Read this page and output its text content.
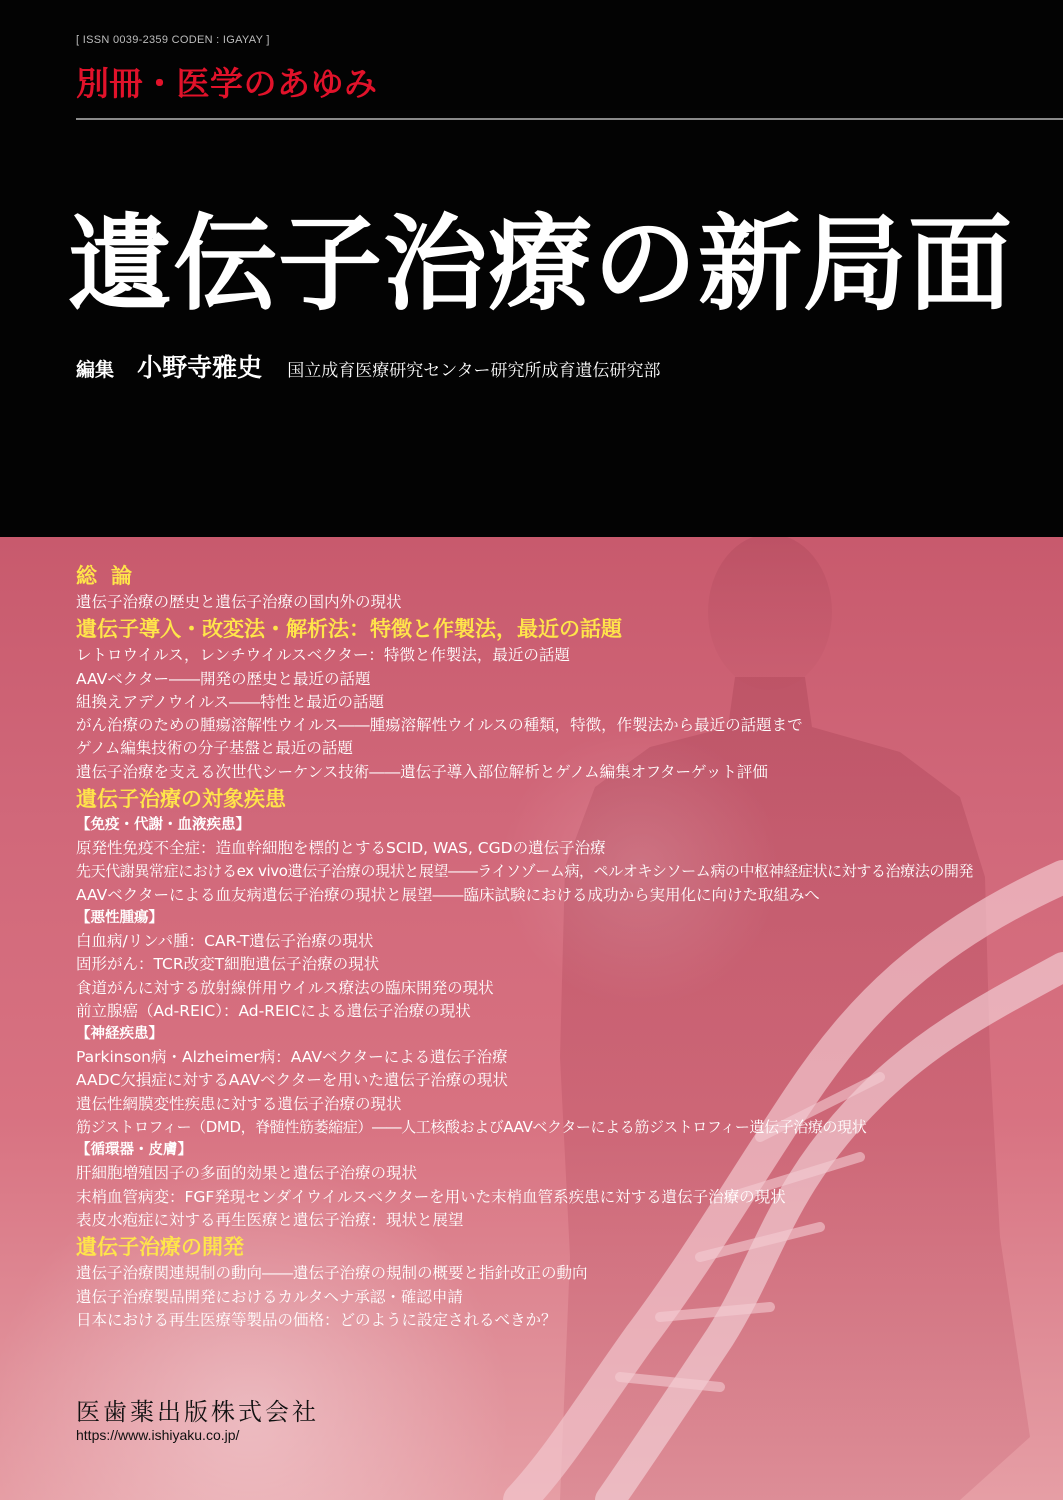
[ ISSN 0039-2359 CODEN : IGAYAY ]
別冊・医学のあゆみ
遺伝子治療の新局面
編集 小野寺雅史 国立成育医療研究センター研究所成育遺伝研究部
総論
遺伝子治療の歴史と遺伝子治療の国内外の現状
遺伝子導入・改変法・解析法：特徴と作製法，最近の話題
レトロウイルス，レンチウイルスベクター：特徴と作製法，最近の話題
AAVベクター――開発の歴史と最近の話題
組換えアデノウイルス――特性と最近の話題
がん治療のための腫瘍溶解性ウイルス――腫瘍溶解性ウイルスの種類，特徴，作製法から最近の話題まで
ゲノム編集技術の分子基盤と最近の話題
遺伝子治療を支える次世代シーケンス技術――遺伝子導入部位解析とゲノム編集オフターゲット評価
遺伝子治療の対象疾患
【免疫・代謝・血液疾患】
原発性免疫不全症：造血幹細胞を標的とするSCID, WAS, CGDの遺伝子治療
先天代謝異常症におけるex vivo遺伝子治療の現状と展望――ライソゾーム病，ペルオキシソーム病の中枢神経症状に対する治療法の開発
AAVベクターによる血友病遺伝子治療の現状と展望――臨床試験における成功から実用化に向けた取組みへ
【悪性腫瘍】
白血病/リンパ腫：CAR-T遺伝子治療の現状
固形がん：TCR改変T細胞遺伝子治療の現状
食道がんに対する放射線併用ウイルス療法の臨床開発の現状
前立腺癌（Ad-REIC）：Ad-REICによる遺伝子治療の現状
【神経疾患】
Parkinson病・Alzheimer病：AAVベクターによる遺伝子治療
AADC欠損症に対するAAVベクターを用いた遺伝子治療の現状
遺伝性網膜変性疾患に対する遺伝子治療の現状
筋ジストロフィー（DMD，脊髄性筋萎縮症）――人工核酸およびAAVベクターによる筋ジストロフィー遺伝子治療の現状
【循環器・皮膚】
肝細胞増殖因子の多面的効果と遺伝子治療の現状
末梢血管病変：FGF発現センダイウイルスベクターを用いた末梢血管系疾患に対する遺伝子治療の現状
表皮水疱症に対する再生医療と遺伝子治療：現状と展望
遺伝子治療の開発
遺伝子治療関連規制の動向――遺伝子治療の規制の概要と指針改正の動向
遺伝子治療製品開発におけるカルタヘナ承認・確認申請
日本における再生医療等製品の価格：どのように設定されるべきか？
医歯薬出版株式会社
https://www.ishiyaku.co.jp/
